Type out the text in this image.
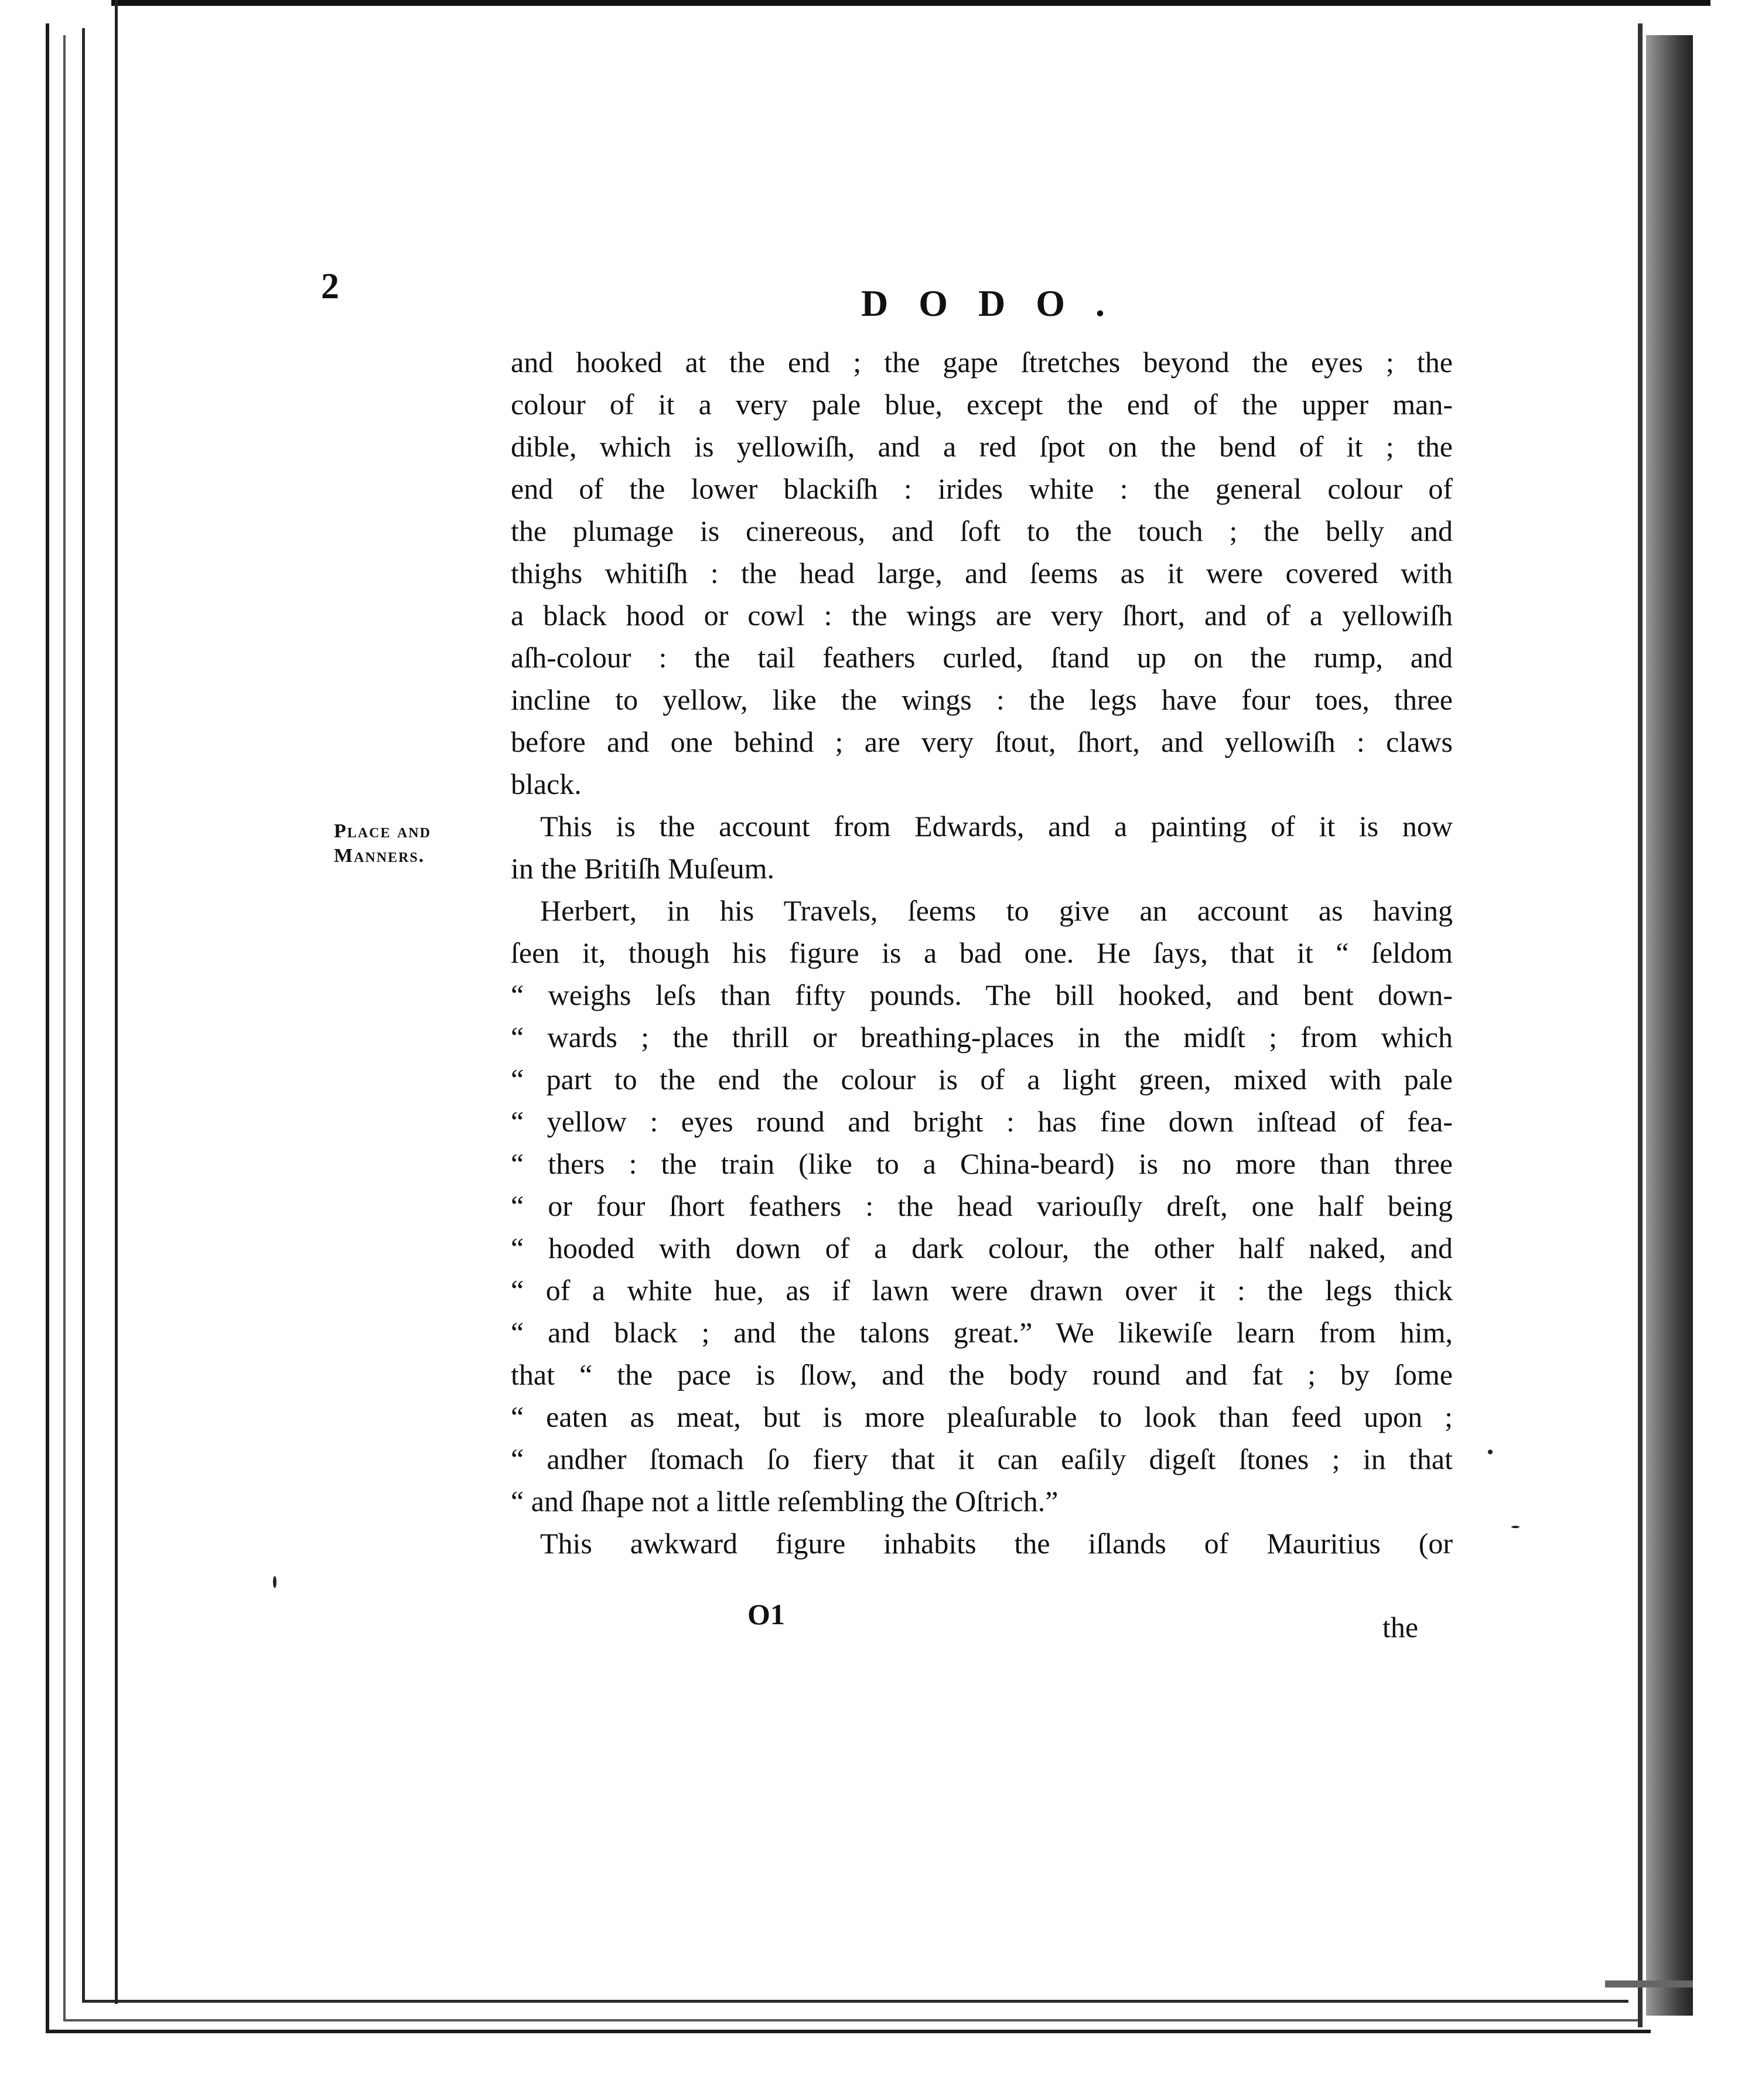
2	DODO.
Place and
Manners.
and hooked at the end ; the gape ſtretches beyond the eyes ; the
colour of it a very pale blue, except the end of the upper man-
dible, which is yellowiſh, and a red ſpot on the bend of it ; the
end of the lower blackiſh : irides white : the general colour of
the plumage is cinereous, and ſoft to the touch ; the belly and
thighs whitiſh : the head large, and ſeems as it were covered with
a black hood or cowl : the wings are very ſhort, and of a yellowiſh
aſh-colour : the tail feathers curled, ſtand up on the rump, and
incline to yellow, like the wings : the legs have four toes, three
before and one behind ; are very ſtout, ſhort, and yellowiſh : claws
black.
This is the account from Edwards, and a painting of it is now
in the Britiſh Muſeum.
Herbert, in his Travels, ſeems to give an account as having
ſeen it, though his figure is a bad one. He ſays, that it “ ſeldom
“ weighs leſs than fifty pounds. The bill hooked, and bent down-
“ wards ; the thrill or breathing-places in the midſt ; from which
“ part to the end the colour is of a light green, mixed with pale
“ yellow : eyes round and bright : has fine down inſtead of fea-
“ thers : the train (like to a China-beard) is no more than three
“ or four ſhort feathers : the head variouſly dreſt, one half being
“ hooded with down of a dark colour, the other half naked, and
“ of a white hue, as if lawn were drawn over it : the legs thick
“ and black ; and the talons great.” We likewiſe learn from him,
that “ the pace is ſlow, and the body round and fat ; by ſome
“ eaten as meat, but is more pleaſurable to look than feed upon ;
“ andher ſtomach ſo fiery that it can eaſily digeſt ſtones ; in that
“ and ſhape not a little reſembling the Oſtrich.”
This awkward figure inhabits the iſlands of Mauritius (or
O1	the
